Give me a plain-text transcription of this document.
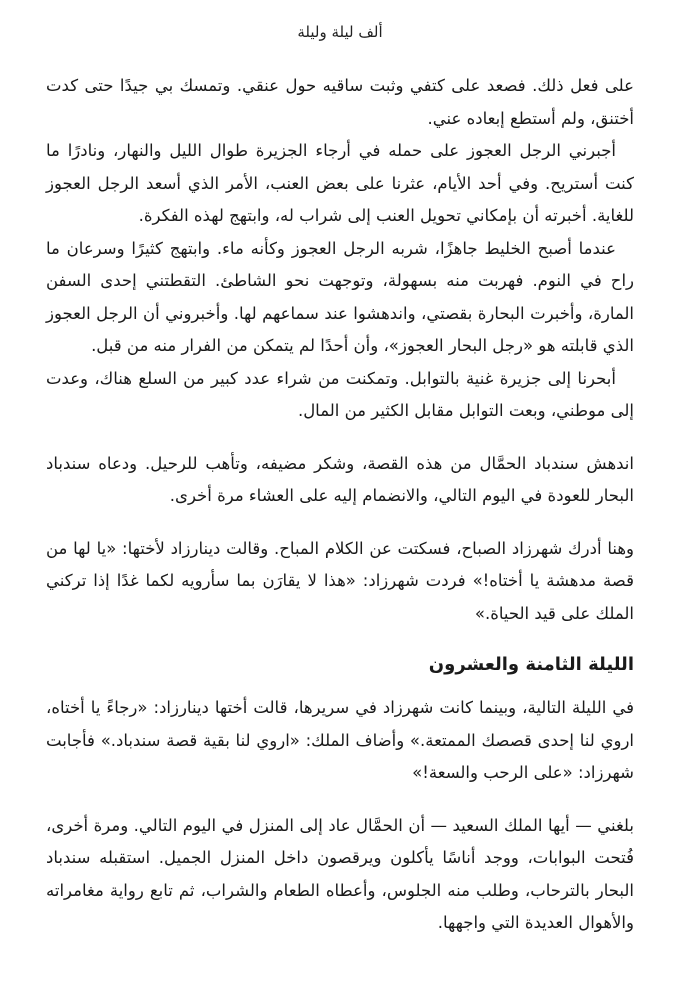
ألف ليلة وليلة

على فعل ذلك. فصعد على كتفي وثبت ساقيه حول عنقي. وتمسك بي جيدًا حتى كدت أختنق، ولم أستطع إبعاده عني.

أجبرني الرجل العجوز على حمله في أرجاء الجزيرة طوال الليل والنهار، ونادرًا ما كنت أستريح. وفي أحد الأيام، عثرنا على بعض العنب، الأمر الذي أسعد الرجل العجوز للغاية. أخبرته أن بإمكاني تحويل العنب إلى شراب له، وابتهج لهذه الفكرة.

عندما أصبح الخليط جاهزًا، شربه الرجل العجوز وكأنه ماء. وابتهج كثيرًا وسرعان ما راح في النوم. فهربت منه بسهولة، وتوجهت نحو الشاطئ. التقطتني إحدى السفن المارة، وأخبرت البحارة بقصتي، واندهشوا عند سماعهم لها. وأخبروني أن الرجل العجوز الذي قابلته هو «رجل البحار العجوز»، وأن أحدًا لم يتمكن من الفرار منه من قبل.

أبحرنا إلى جزيرة غنية بالتوابل. وتمكنت من شراء عدد كبير من السلع هناك، وعدت إلى موطني، وبعت التوابل مقابل الكثير من المال.

اندهش سندباد الحمَّال من هذه القصة، وشكر مضيفه، وتأهب للرحيل. ودعاه سندباد البحار للعودة في اليوم التالي، والانضمام إليه على العشاء مرة أخرى.

وهنا أدرك شهرزاد الصباح، فسكتت عن الكلام المباح. وقالت دينارزاد لأختها: «يا لها من قصة مدهشة يا أختاه!» فردت شهرزاد: «هذا لا يقارَن بما سأرويه لكما غدًا إذا تركني الملك على قيد الحياة.»

الليلة الثامنة والعشرون

في الليلة التالية، وبينما كانت شهرزاد في سريرها، قالت أختها دينارزاد: «رجاءً يا أختاه، اروي لنا إحدى قصصك الممتعة.» وأضاف الملك: «اروي لنا بقية قصة سندباد.» فأجابت شهرزاد: «على الرحب والسعة!»

بلغني — أيها الملك السعيد — أن الحمَّال عاد إلى المنزل في اليوم التالي. ومرة أخرى، فُتحت البوابات، ووجد أناسًا يأكلون ويرقصون داخل المنزل الجميل. استقبله سندباد البحار بالترحاب، وطلب منه الجلوس، وأعطاه الطعام والشراب، ثم تابع رواية مغامراته والأهوال العديدة التي واجهها.
